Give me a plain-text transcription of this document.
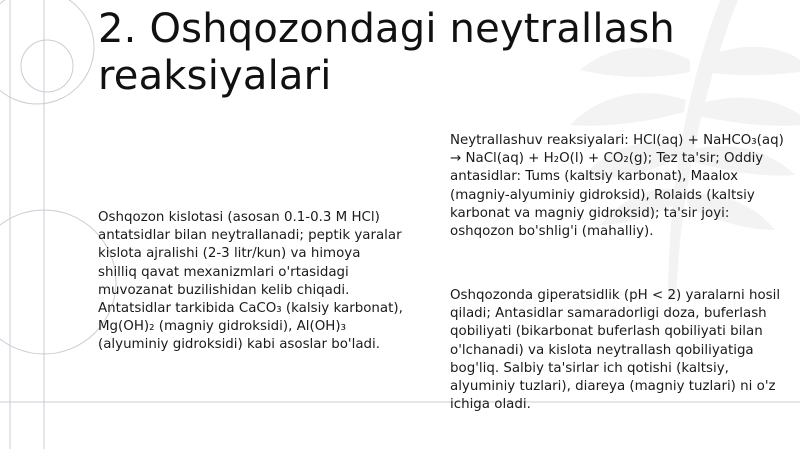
2. Oshqozondagi neytrallash reaksiyalari

Oshqozon kislotasi (asosan 0.1-0.3 M HCl) antatsidlar bilan neytrallanadi; peptik yaralar kislota ajralishi (2-3 litr/kun) va himoya shilliq qavat mexanizmlari o'rtasidagi muvozanat buzilishidan kelib chiqadi. Antatsidlar tarkibida CaCO₃ (kalsiy karbonat), Mg(OH)₂ (magniy gidroksidi), Al(OH)₃ (alyuminiy gidroksidi) kabi asoslar bo'ladi.

Neytrallashuv reaksiyalari: HCl(aq) + NaHCO₃(aq) → NaCl(aq) + H₂O(l) + CO₂(g); Tez ta'sir; Oddiy antasidlar: Tums (kaltsiy karbonat), Maalox (magniy-alyuminiy gidroksid), Rolaids (kaltsiy karbonat va magniy gidroksid); ta'sir joyi: oshqozon bo'shlig'i (mahalliy).

Oshqozonda giperatsidlik (pH < 2) yaralarni hosil qiladi; Antasidlar samaradorligi doza, buferlash qobiliyati (bikarbonat buferlash qobiliyati bilan o'lchanadi) va kislota neytrallash qobiliyatiga bog'liq. Salbiy ta'sirlar ich qotishi (kaltsiy, alyuminiy tuzlari), diareya (magniy tuzlari) ni o'z ichiga oladi.
